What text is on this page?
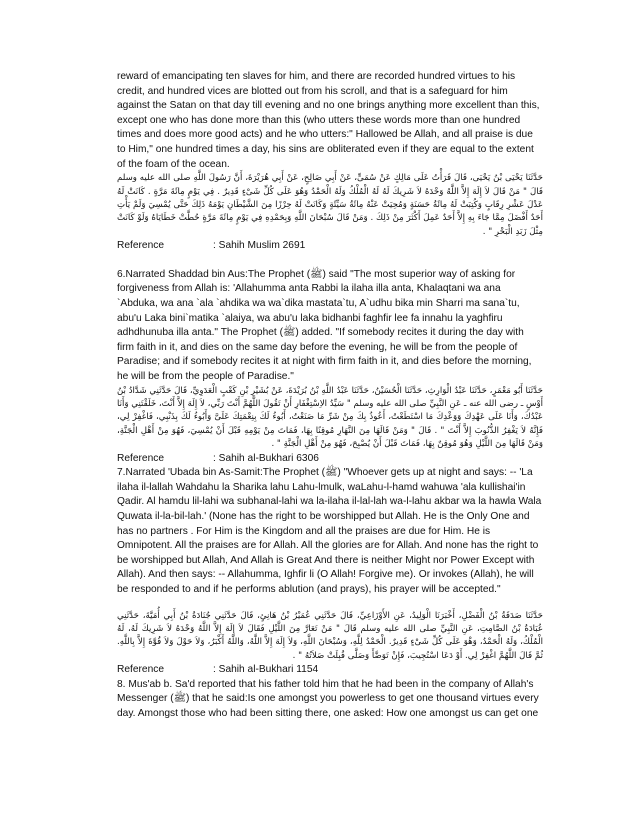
reward of emancipating ten slaves for him, and there are recorded hundred virtues to his credit, and hundred vices are blotted out from his scroll, and that is a safeguard for him against the Satan on that day till evening and no one brings anything more excellent than this, except one who has done more than this (who utters these words more than one hundred times and does more good acts) and he who utters:" Hallowed be Allah, and all praise is due to Him," one hundred times a day, his sins are obliterated even if they are equal to the extent of the foam of the ocean.

حَدَّثَنَا يَحْيَى بْنُ يَحْيَى، قَالَ قَرَأْتُ عَلَى مَالِكٍ عَنْ سُمَىٍّ، عَنْ أَبِي صَالِحٍ، عَنْ أَبِي هُرَيْرَةَ، أَنَّ رَسُولَ اللَّهِ صلى الله عليه وسلم قَالَ " مَنْ قَالَ لاَ إِلَهَ إِلاَّ اللَّهُ وَحْدَهُ لاَ شَرِيكَ لَهُ لَهُ الْمُلْكُ وَلَهُ الْحَمْدُ وَهُوَ عَلَى كُلِّ شَىْءٍ قَدِيرٌ . فِي يَوْمٍ مِائَةَ مَرَّةٍ . كَانَتْ لَهُ عَدْلَ عَشْرِ رِقَابٍ وَكُتِبَتْ لَهُ مِائَةُ حَسَنَةٍ وَمُحِيَتْ عَنْهُ مِائَةُ سَيِّئَةٍ وَكَانَتْ لَهُ حِرْزًا مِنَ الشَّيْطَانِ يَوْمَهُ ذَلِكَ حَتَّى يُمْسِيَ وَلَمْ يَأْتِ أَحَدٌ أَفْضَلَ مِمَّا جَاءَ بِهِ إِلاَّ أَحَدٌ عَمِلَ أَكْثَرَ مِنْ ذَلِكَ . وَمَنْ قَالَ سُبْحَانَ اللَّهِ وَبِحَمْدِهِ فِي يَوْمٍ مِائَةَ مَرَّةٍ حُطَّتْ خَطَايَاهُ وَلَوْ كَانَتْ مِثْلَ زَبَدِ الْبَحْرِ " .

Reference	: Sahih Muslim 2691

6.Narrated Shaddad bin Aus:The Prophet (ﷺ) said "The most superior way of asking for forgiveness from Allah is: 'Allahumma anta Rabbi la ilaha illa anta, Khalaqtani wa ana `Abduka, wa ana `ala `ahdika wa wa`dika mastata`tu, A`udhu bika min Sharri ma sana`tu, abu'u Laka bini`matika `alaiya, wa abu'u laka bidhanbi faghfir lee fa innahu la yaghfiru adhdhunuba illa anta." The Prophet (ﷺ) added. "If somebody recites it during the day with firm faith in it, and dies on the same day before the evening, he will be from the people of Paradise; and if somebody recites it at night with firm faith in it, and dies before the morning, he will be from the people of Paradise."

حَدَّثَنَا أَبُو مَعْمَرٍ، حَدَّثَنَا عَبْدُ الْوَارِثِ، حَدَّثَنَا الْحُسَيْنُ، حَدَّثَنَا عَبْدُ اللَّهِ بْنُ بُرَيْدَةَ، عَنْ بُشَيْرِ بْنِ كَعْبٍ الْعَدَوِيِّ، قَالَ حَدَّثَنِي شَدَّادُ بْنُ أَوْسٍ ـ رضى الله عنه ـ عَنِ النَّبِيِّ صلى الله عليه وسلم " سَيِّدُ الاِسْتِغْفَارِ أَنْ تَقُولَ اللَّهُمَّ أَنْتَ رَبِّي، لاَ إِلَهَ إِلاَّ أَنْتَ، خَلَقْتَنِي وَأَنَا عَبْدُكَ، وَأَنَا عَلَى عَهْدِكَ وَوَعْدِكَ مَا اسْتَطَعْتُ، أَعُوذُ بِكَ مِنْ شَرِّ مَا صَنَعْتُ، أَبُوءُ لَكَ بِنِعْمَتِكَ عَلَىَّ وَأَبُوءُ لَكَ بِذَنْبِي، فَاغْفِرْ لِي، فَإِنَّهُ لاَ يَغْفِرُ الذُّنُوبَ إِلاَّ أَنْتَ " . قَالَ " وَمَنْ قَالَهَا مِنَ النَّهَارِ مُوقِنًا بِهَا، فَمَاتَ مِنْ يَوْمِهِ قَبْلَ أَنْ يُمْسِيَ، فَهُوَ مِنْ أَهْلِ الْجَنَّةِ، وَمَنْ قَالَهَا مِنَ اللَّيْلِ وَهُوَ مُوقِنٌ بِهَا، فَمَاتَ قَبْلَ أَنْ يُصْبِحَ، فَهُوَ مِنْ أَهْلِ الْجَنَّةِ " .

Reference	: Sahih al-Bukhari 6306

7.Narrated 'Ubada bin As-Samit:The Prophet (ﷺ) "Whoever gets up at night and says: -- 'La ilaha il-lallah Wahdahu la Sharika lahu Lahu-lmulk, waLahu-l-hamd wahuwa 'ala kullishai'in Qadir. Al hamdu lil-lahi wa subhanal-lahi wa la-ilaha il-lal-lah wa-l-lahu akbar wa la hawla Wala Quwata il-la-bil-lah.' (None has the right to be worshipped but Allah. He is the Only One and has no partners . For Him is the Kingdom and all the praises are due for Him. He is Omnipotent. All the praises are for Allah. All the glories are for Allah. And none has the right to be worshipped but Allah, And Allah is Great And there is neither Might nor Power Except with Allah). And then says: -- Allahumma, Ighfir li (O Allah! Forgive me). Or invokes (Allah), he will be responded to and if he performs ablution (and prays), his prayer will be accepted."

حَدَّثَنَا صَدَقَةُ بْنُ الْفَضْلِ، أَخْبَرَنَا الْوَلِيدُ، عَنِ الأَوْزَاعِيِّ، قَالَ حَدَّثَنِي عُمَيْرُ بْنُ هَانِئٍ، قَالَ حَدَّثَنِي جُنَادَةُ بْنُ أَبِي أُمَيَّةَ، حَدَّثَنِي عُبَادَةُ بْنُ الصَّامِتِ، عَنِ النَّبِيِّ صلى الله عليه وسلم قَالَ " مَنْ تَعَارَّ مِنَ اللَّيْلِ فَقَالَ لاَ إِلَهَ إِلاَّ اللَّهُ وَحْدَهُ لاَ شَرِيكَ لَهُ، لَهُ الْمُلْكُ، وَلَهُ الْحَمْدُ، وَهْوَ عَلَى كُلِّ شَىْءٍ قَدِيرٌ. الْحَمْدُ لِلَّهِ، وَسُبْحَانَ اللَّهِ، وَلاَ إِلَهَ إِلاَّ اللَّهُ، وَاللَّهُ أَكْبَرُ، وَلاَ حَوْلَ وَلاَ قُوَّةَ إِلاَّ بِاللَّهِ. ثُمَّ قَالَ اللَّهُمَّ اغْفِرْ لِي. أَوْ دَعَا اسْتُجِيبَ، فَإِنْ تَوَضَّأَ وَصَلَّى قُبِلَتْ صَلاَتُهُ " .

Reference	: Sahih al-Bukhari 1154

8. Mus'ab b. Sa'd reported that his father told him that he had been in the company of Allah's Messenger (ﷺ) that he said:Is one amongst you powerless to get one thousand virtues every day. Amongst those who had been sitting there, one asked: How one amongst us can get one
